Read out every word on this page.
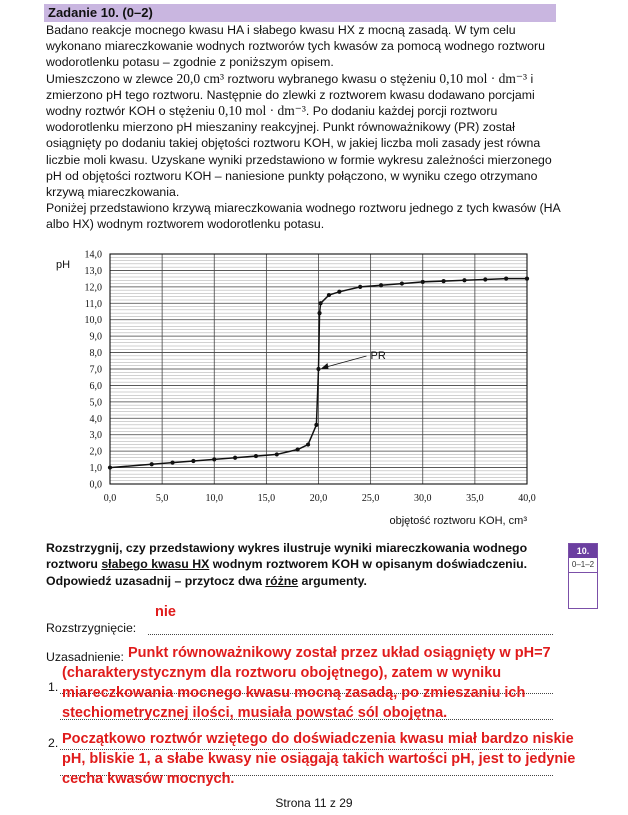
Zadanie 10. (0–2)

Badano reakcje mocnego kwasu HA i słabego kwasu HX z mocną zasadą. W tym celu wykonano miareczkowanie wodnych roztworów tych kwasów za pomocą wodnego roztworu wodorotlenku potasu – zgodnie z poniższym opisem.

Umieszczono w zlewce 20,0 cm³ roztworu wybranego kwasu o stężeniu 0,10 mol · dm⁻³ i zmierzono pH tego roztworu. Następnie do zlewki z roztworem kwasu dodawano porcjami wodny roztwór KOH o stężeniu 0,10 mol · dm⁻³. Po dodaniu każdej porcji roztworu wodorotlenku mierzono pH mieszaniny reakcyjnej. Punkt równoważnikowy (PR) został osiągnięty po dodaniu takiej objętości roztworu KOH, w jakiej liczba moli zasady jest równa liczbie moli kwasu. Uzyskane wyniki przedstawiono w formie wykresu zależności mierzonego pH od objętości roztworu KOH – naniesione punkty połączono, w wyniku czego otrzymano krzywą miareczkowania.

Poniżej przedstawiono krzywą miareczkowania wodnego roztworu jednego z tych kwasów (HA albo HX) wodnym roztworem wodorotlenku potasu.

0,0
1,0
2,0
3,0
4,0
5,0
6,0
7,0
8,0
9,0
10,0
11,0
12,0
13,0
14,0
0,0	5,0	10,0	15,0	20,0	25,0	30,0	35,0	40,0
pH
objętość roztworu KOH, cm³
PR
Rozstrzygnij, czy przedstawiony wykres ilustruje wyniki miareczkowania wodnego
roztworu słabego kwasu HX wodnym roztworem KOH w opisanym doświadczeniu.
Odpowiedź uzasadnij – przytocz dwa różne argumenty.
10.
0–1–2
nie
Rozstrzygnięcie:
Uzasadnienie:
1.
2.
Punkt równoważnikowy został przez układ osiągnięty w pH=7
(charakterystycznym dla roztworu obojętnego), zatem w wyniku
miareczkowania mocnego kwasu mocną zasadą, po zmieszaniu ich
stechiometrycznej ilości, musiała powstać sól obojętna.
Początkowo roztwór wziętego do doświadczenia kwasu miał bardzo niskie
pH, bliskie 1, a słabe kwasy nie osiągają takich wartości pH, jest to jedynie
cecha kwasów mocnych.
Strona 11 z 29
